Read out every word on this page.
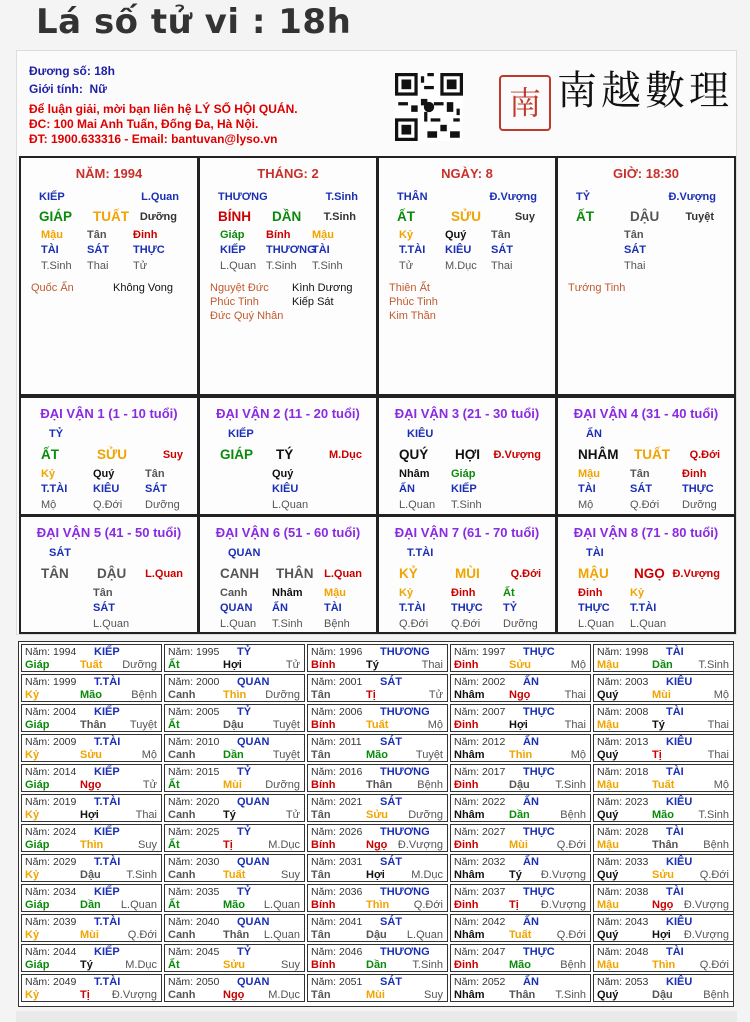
Lá số tử vi : 18h
Đương số: 18h
Giới tính: Nữ
Để luận giải, mời bạn liên hệ LÝ SỐ HỘI QUÁN.
ĐC: 100 Mai Anh Tuấn, Đống Đa, Hà Nội.
ĐT: 1900.633316 - Email: bantuvan@lyso.vn
南 南越數理
Năm: 1994 KIẾP
Giáp	Tuất Dưỡng
Năm: 1995 TỶ
Ất	Hợi	Tử
Năm: 1996 THƯƠNG
Bính	Tý	Thai
Năm: 1997 THỰC
Đinh	Sửu	Mộ
Năm: 1998 TÀI
Mậu	Dần T.Sinh
Năm: 1999 T.TÀI
Kỷ	Mão	Bệnh
Năm: 2000 QUAN
Canh	Thìn Dưỡng
Năm: 2001 SÁT
Tân	Tị	Tử
Năm: 2002 ẤN
Nhâm Ngọ	Thai
Năm: 2003 KIÊU
Quý	Mùi	Mộ
Năm: 2004 KIẾP
Giáp	Thân Tuyệt
Năm: 2005 TỶ
Ất	Dậu	Tuyệt
Năm: 2006 THƯƠNG
Bính	Tuất	Mộ
Năm: 2007 THỰC
Đinh	Hợi	Thai
Năm: 2008 TÀI
Mậu	Tý	Thai
Năm: 2009 T.TÀI
Kỷ	Sửu	Mộ
Năm: 2010 QUAN
Canh	Dần	Tuyệt
Năm: 2011 SÁT
Tân	Mão	Tuyệt
Năm: 2012 ẤN
Nhâm Thìn	Mộ
Năm: 2013 KIÊU
Quý	Tị	Thai
Năm: 2014 KIẾP
Giáp	Ngọ	Tử
Năm: 2015 TỶ
Ất	Mùi Dưỡng
Năm: 2016 THƯƠNG
Bính	Thân Bệnh
Năm: 2017 THỰC
Đinh	Dậu T.Sinh
Năm: 2018 TÀI
Mậu	Tuất	Mộ
Năm: 2019 T.TÀI
Kỷ	Hợi	Thai
Năm: 2020 QUAN
Canh	Tý	Tử
Năm: 2021 SÁT
Tân	Sửu Dưỡng
Năm: 2022 ẤN
Nhâm Dần	Bệnh
Năm: 2023 KIÊU
Quý	Mão T.Sinh
Năm: 2024 KIẾP
Giáp	Thìn	Suy
Năm: 2025 TỶ
Ất	Tị	M.Dục
Năm: 2026 THƯƠNG
Bính	Ngọ Đ.Vượng
Năm: 2027 THỰC
Đinh	Mùi	Q.Đới
Năm: 2028 TÀI
Mậu	Thân Bệnh
Năm: 2029 T.TÀI
Kỷ	Dậu T.Sinh
Năm: 2030 QUAN
Canh	Tuất	Suy
Năm: 2031 SÁT
Tân	Hợi M.Dục
Năm: 2032 ẤN
Nhâm Tý Đ.Vượng
Năm: 2033 KIÊU
Quý	Sửu Q.Đới
Năm: 2034 KIẾP
Giáp	Dần L.Quan
Năm: 2035 TỶ
Ất	Mão L.Quan
Năm: 2036 THƯƠNG
Bính	Thìn Q.Đới
Năm: 2037 THỰC
Đinh	Tị Đ.Vượng
Năm: 2038 TÀI
Mậu	Ngọ Đ.Vượng
Năm: 2039 T.TÀI
Kỷ	Mùi	Q.Đới
Năm: 2040 QUAN
Canh	Thân L.Quan
Năm: 2041 SÁT
Tân	Dậu L.Quan
Năm: 2042 ẤN
Nhâm Tuất Q.Đới
Năm: 2043 KIÊU
Quý	Hợi Đ.Vượng
Năm: 2044 KIẾP
Giáp	Tý	M.Dục
Năm: 2045 TỶ
Ất	Sửu	Suy
Năm: 2046 THƯƠNG
Bính	Dần T.Sinh
Năm: 2047 THỰC
Đinh	Mão	Bệnh
Năm: 2048 TÀI
Mậu	Thìn Q.Đới
Năm: 2049 T.TÀI
Kỷ	Tị Đ.Vượng
Năm: 2050 QUAN
Canh	Ngọ M.Dục
Năm: 2051 SÁT
Tân	Mùi	Suy
Năm: 2052 ẤN
Nhâm Thân T.Sinh
Năm: 2053 KIÊU
Quý	Dậu	Bệnh
NĂM: 1994
KIẾP	L.Quan
GIÁP TUẤT Dưỡng
Mậu
TÀI
T.Sinh
Tân
SÁT
Thai
Đinh
THỰC
Tử
Quốc Ấn	Không Vong
THÁNG: 2
THƯƠNG	T.Sinh
BÍNH DẦN T.Sinh
Giáp
KIẾP
L.Quan
Bính
THƯƠNG
T.Sinh
Mậu
TÀI
T.Sinh
Nguyệt Đức Kình Dương
Phúc Tinh	Kiếp Sát
Đức Quý Nhân
NGÀY: 8
THÂN	Đ.Vượng
ẤT	SỬU	Suy
Kỷ
T.TÀI
Tử
Quý
KIÊU
M.Dục
Tân
SÁT
Thai
Thiên Ất
Phúc Tinh
Kim Thần
GIỜ: 18:30
TỶ	Đ.Vượng
ẤT	DẬU Tuyệt
Tân
SÁT
Thai
Tướng Tinh
ĐẠI VẬN 1 (1 - 10 tuổi)
TỶ
ẤT	SỬU	Suy
Kỷ
T.TÀI
Mộ
Quý
KIÊU
Q.Đới
Tân
SÁT
Dưỡng
ĐẠI VẬN 2 (11 - 20 tuổi)
KIẾP
GIÁP TÝ	M.Dục
Quý
KIÊU
L.Quan
ĐẠI VẬN 3 (21 - 30 tuổi)
KIÊU
QUÝ HỢI Đ.Vượng
Nhâm
ẤN
L.Quan
Giáp
KIẾP
T.Sinh
ĐẠI VẬN 4 (31 - 40 tuổi)
ẤN
NHÂM TUẤT Q.Đới
Mậu
TÀI
Mộ
Tân
SÁT
Q.Đới
Đinh
THỰC
Dưỡng
ĐẠI VẬN 5 (41 - 50 tuổi)
SÁT
TÂN DẬU L.Quan
Tân
SÁT
L.Quan
ĐẠI VẬN 6 (51 - 60 tuổi)
QUAN
CANH THÂN L.Quan
Canh
QUAN
L.Quan
Nhâm
ẤN
T.Sinh
Mậu
TÀI
Bệnh
ĐẠI VẬN 7 (61 - 70 tuổi)
T.TÀI
KỶ	MÙI	Q.Đới
Kỷ
T.TÀI
Q.Đới
Đinh
THỰC
Q.Đới
Ất
TỶ
Dưỡng
ĐẠI VẬN 8 (71 - 80 tuổi)
TÀI
MẬU NGỌ Đ.Vượng
Đinh
THỰC
L.Quan
Kỷ
T.TÀI
L.Quan
